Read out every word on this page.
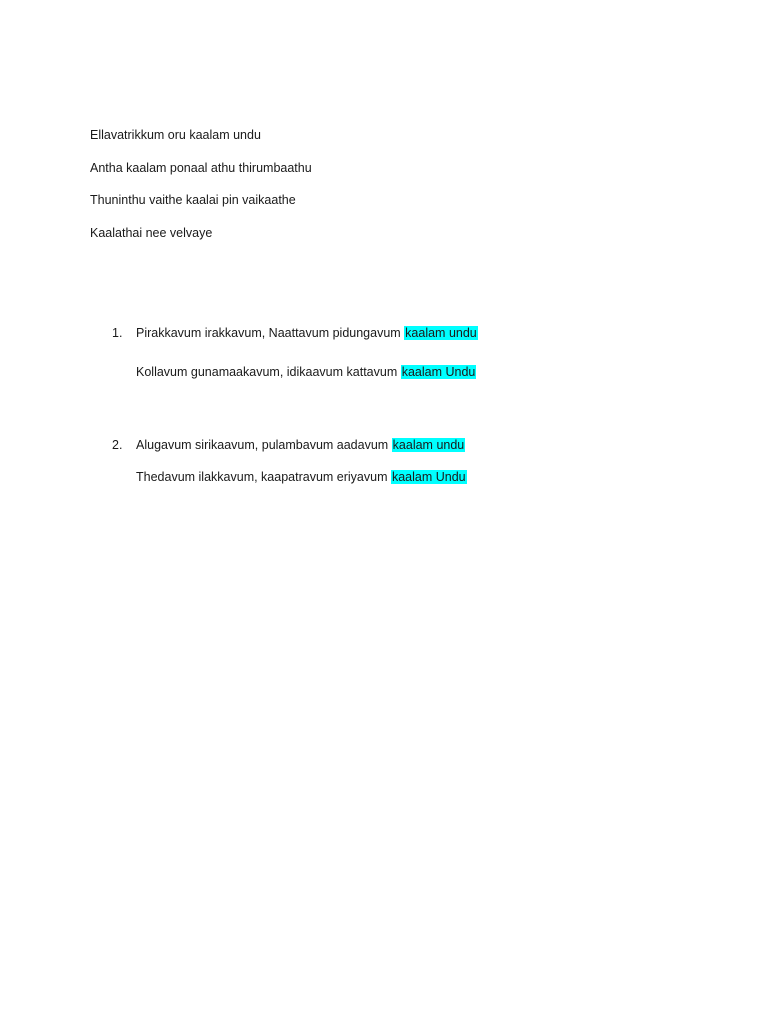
Ellavatrikkum oru kaalam undu
Antha kaalam ponaal athu thirumbaathu
Thuninthu vaithe kaalai pin vaikaathe
Kaalathai nee velvaye
1. Pirakkavum irakkavum, Naattavum pidungavum kaalam undu
Kollavum gunamaakavum, idikaavum kattavum kaalam Undu
2. Alugavum sirikaavum, pulambavum aadavum kaalam undu
Thedavum ilakkavum, kaapatravum eriyavum kaalam Undu
